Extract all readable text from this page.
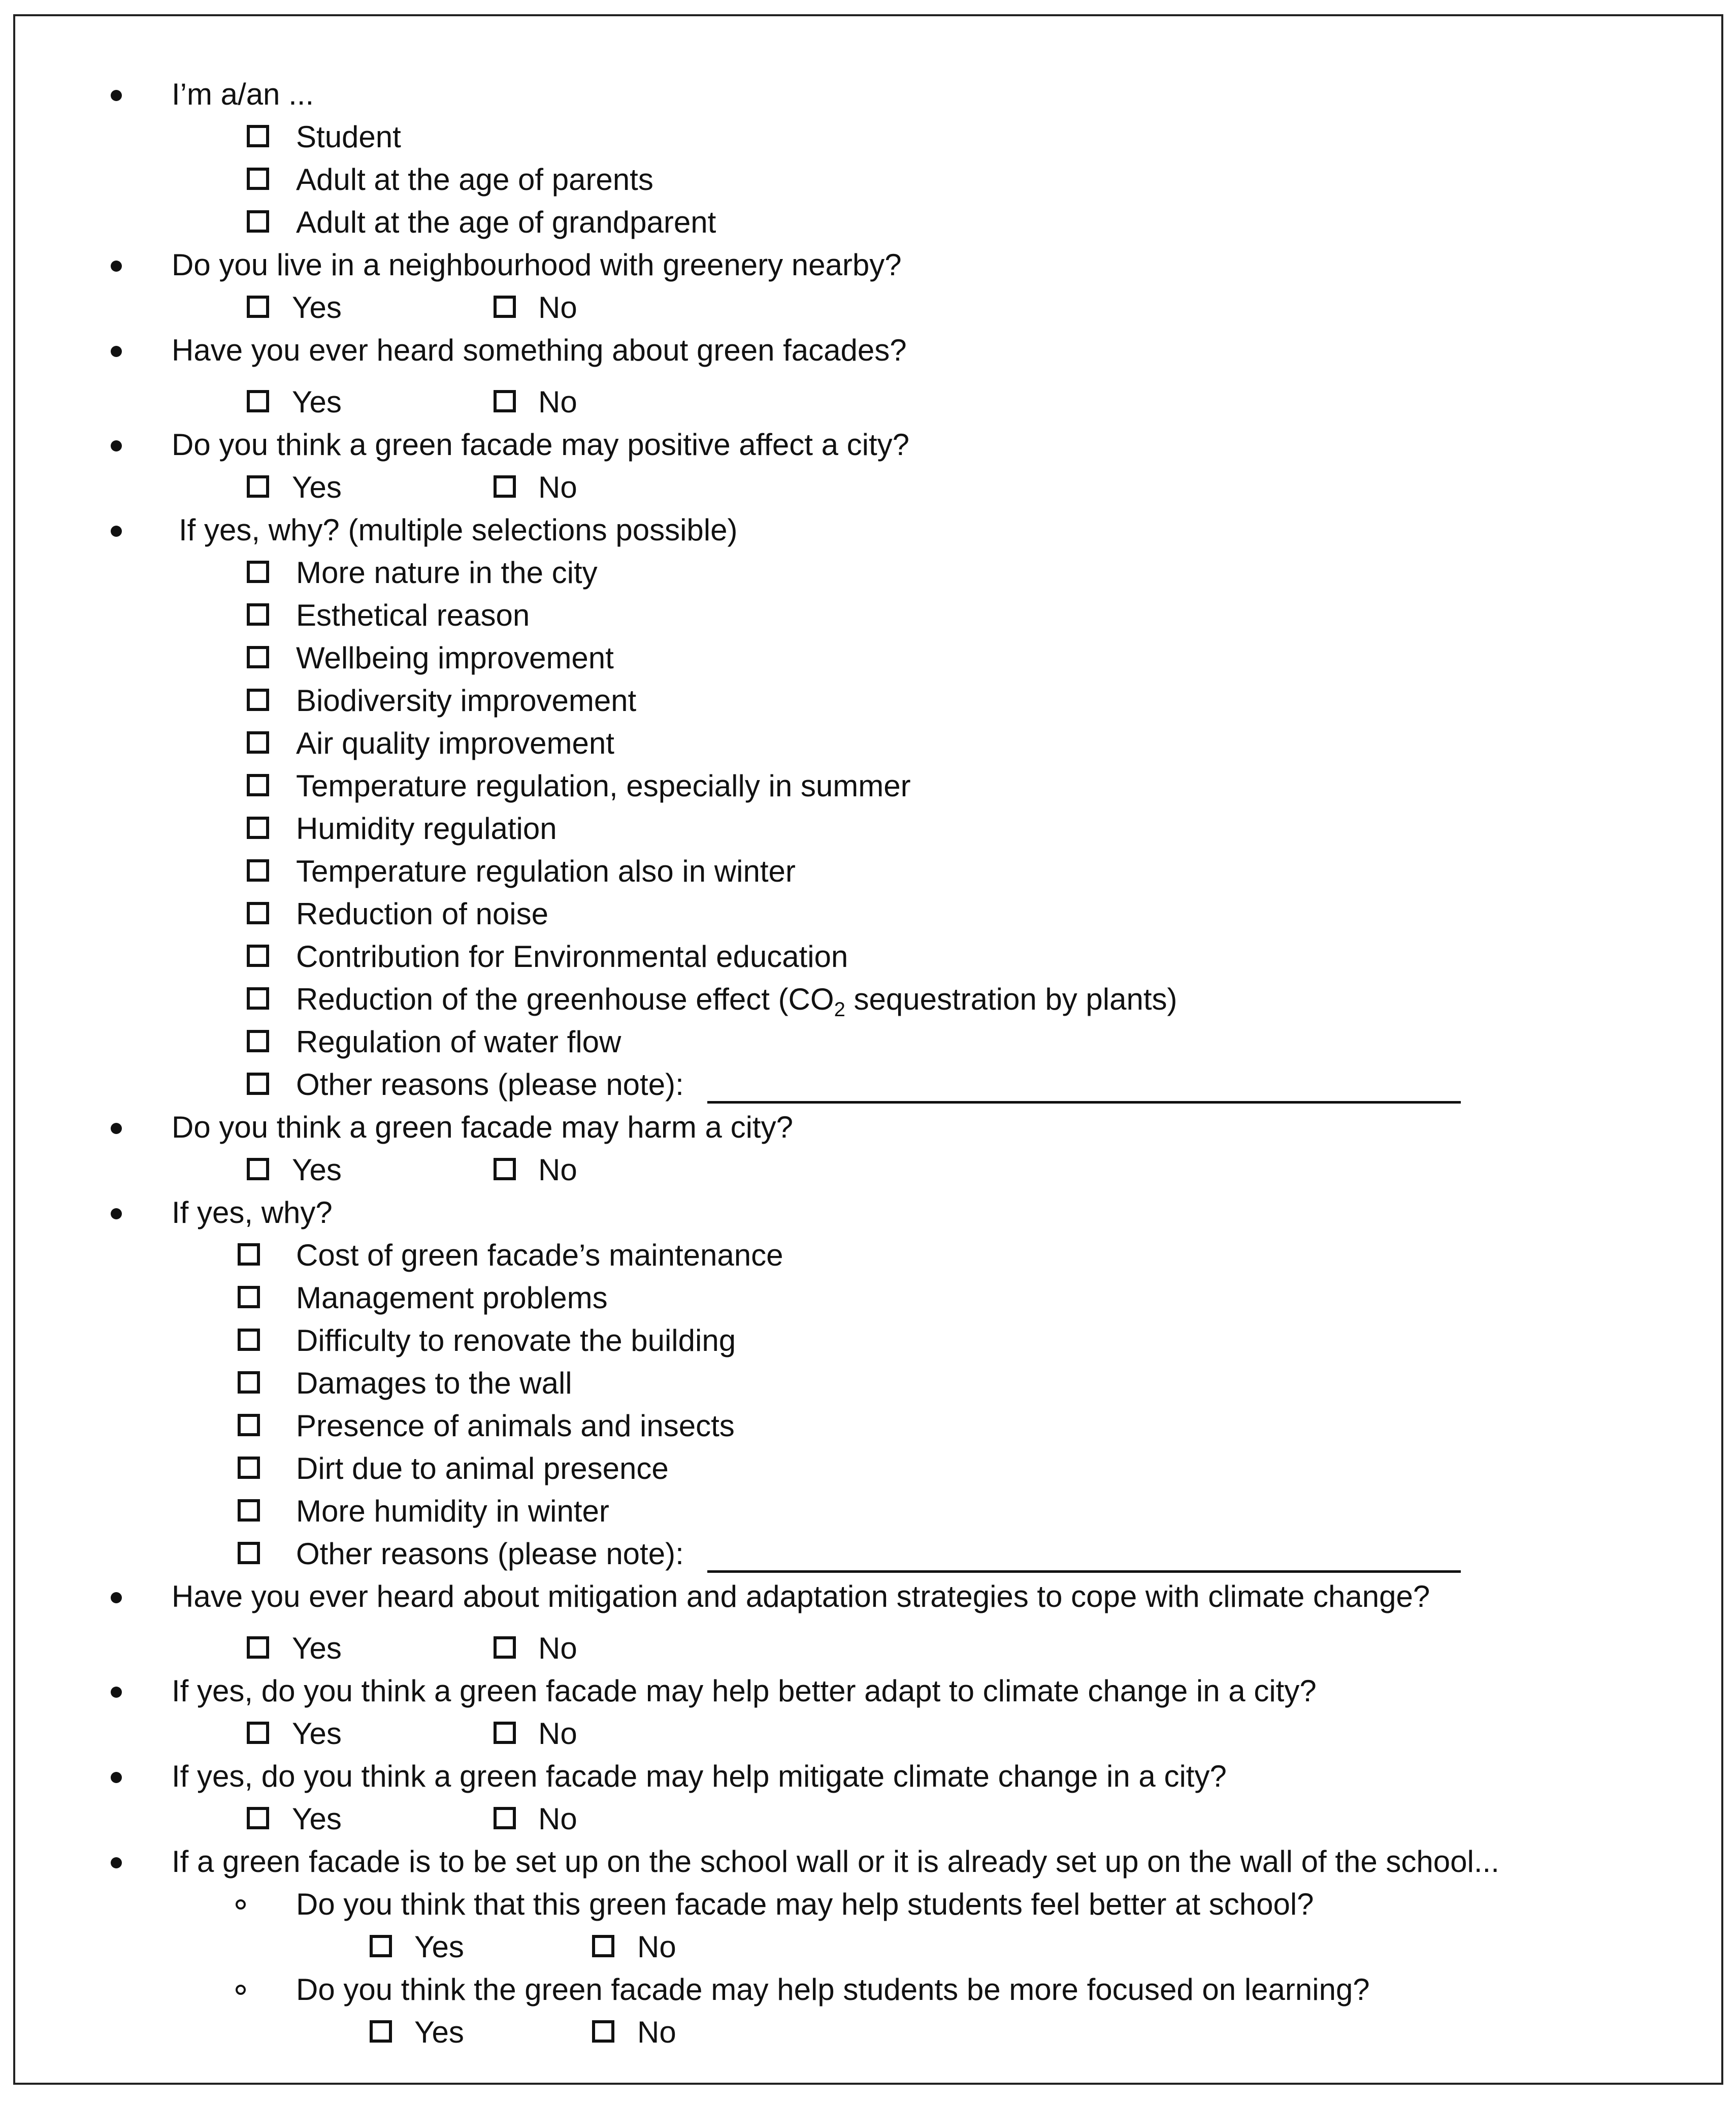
I’m a/an ...
Student
Adult at the age of parents
Adult at the age of grandparent
Do you live in a neighbourhood with greenery nearby?
Yes	No
Have you ever heard something about green facades?
Yes	No
Do you think a green facade may positive affect a city?
Yes	No
If yes, why? (multiple selections possible)
More nature in the city
Esthetical reason
Wellbeing improvement
Biodiversity improvement
Air quality improvement
Temperature regulation, especially in summer
Humidity regulation
Temperature regulation also in winter
Reduction of noise
Contribution for Environmental education
Reduction of the greenhouse effect ($CO_2$ sequestration by plants)
Regulation of water flow
Other reasons (please note):
Do you think a green facade may harm a city?
Yes	No
If yes, why?
Cost of green facade’s maintenance
Management problems
Difficulty to renovate the building
Damages to the wall
Presence of animals and insects
Dirt due to animal presence
More humidity in winter
Other reasons (please note):
Have you ever heard about mitigation and adaptation strategies to cope with climate change?
Yes	No
If yes, do you think a green facade may help better adapt to climate change in a city?
Yes	No
If yes, do you think a green facade may help mitigate climate change in a city?
Yes	No
If a green facade is to be set up on the school wall or it is already set up on the wall of the school...
Do you think that this green facade may help students feel better at school?
Yes	No
Do you think the green facade may help students be more focused on learning?
Yes	No
